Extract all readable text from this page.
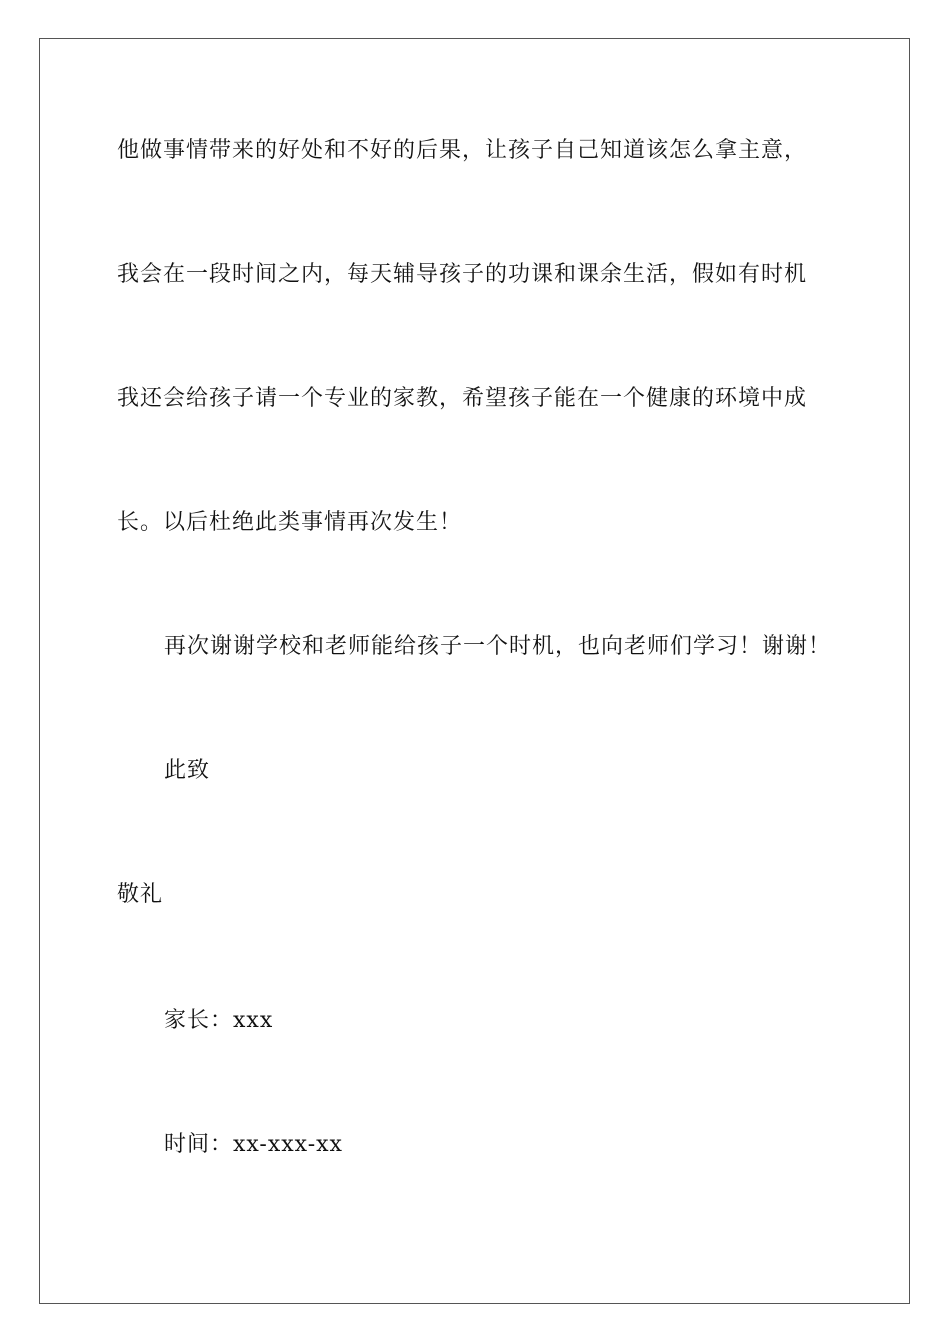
他做事情带来的好处和不好的后果，让孩子自己知道该怎么拿主意，
我会在一段时间之内，每天辅导孩子的功课和课余生活，假如有时机
我还会给孩子请一个专业的家教，希望孩子能在一个健康的环境中成
长。以后杜绝此类事情再次发生！
再次谢谢学校和老师能给孩子一个时机，也向老师们学习！谢谢！
此致
敬礼
家长：xxx
时间：xx-xxx-xx
